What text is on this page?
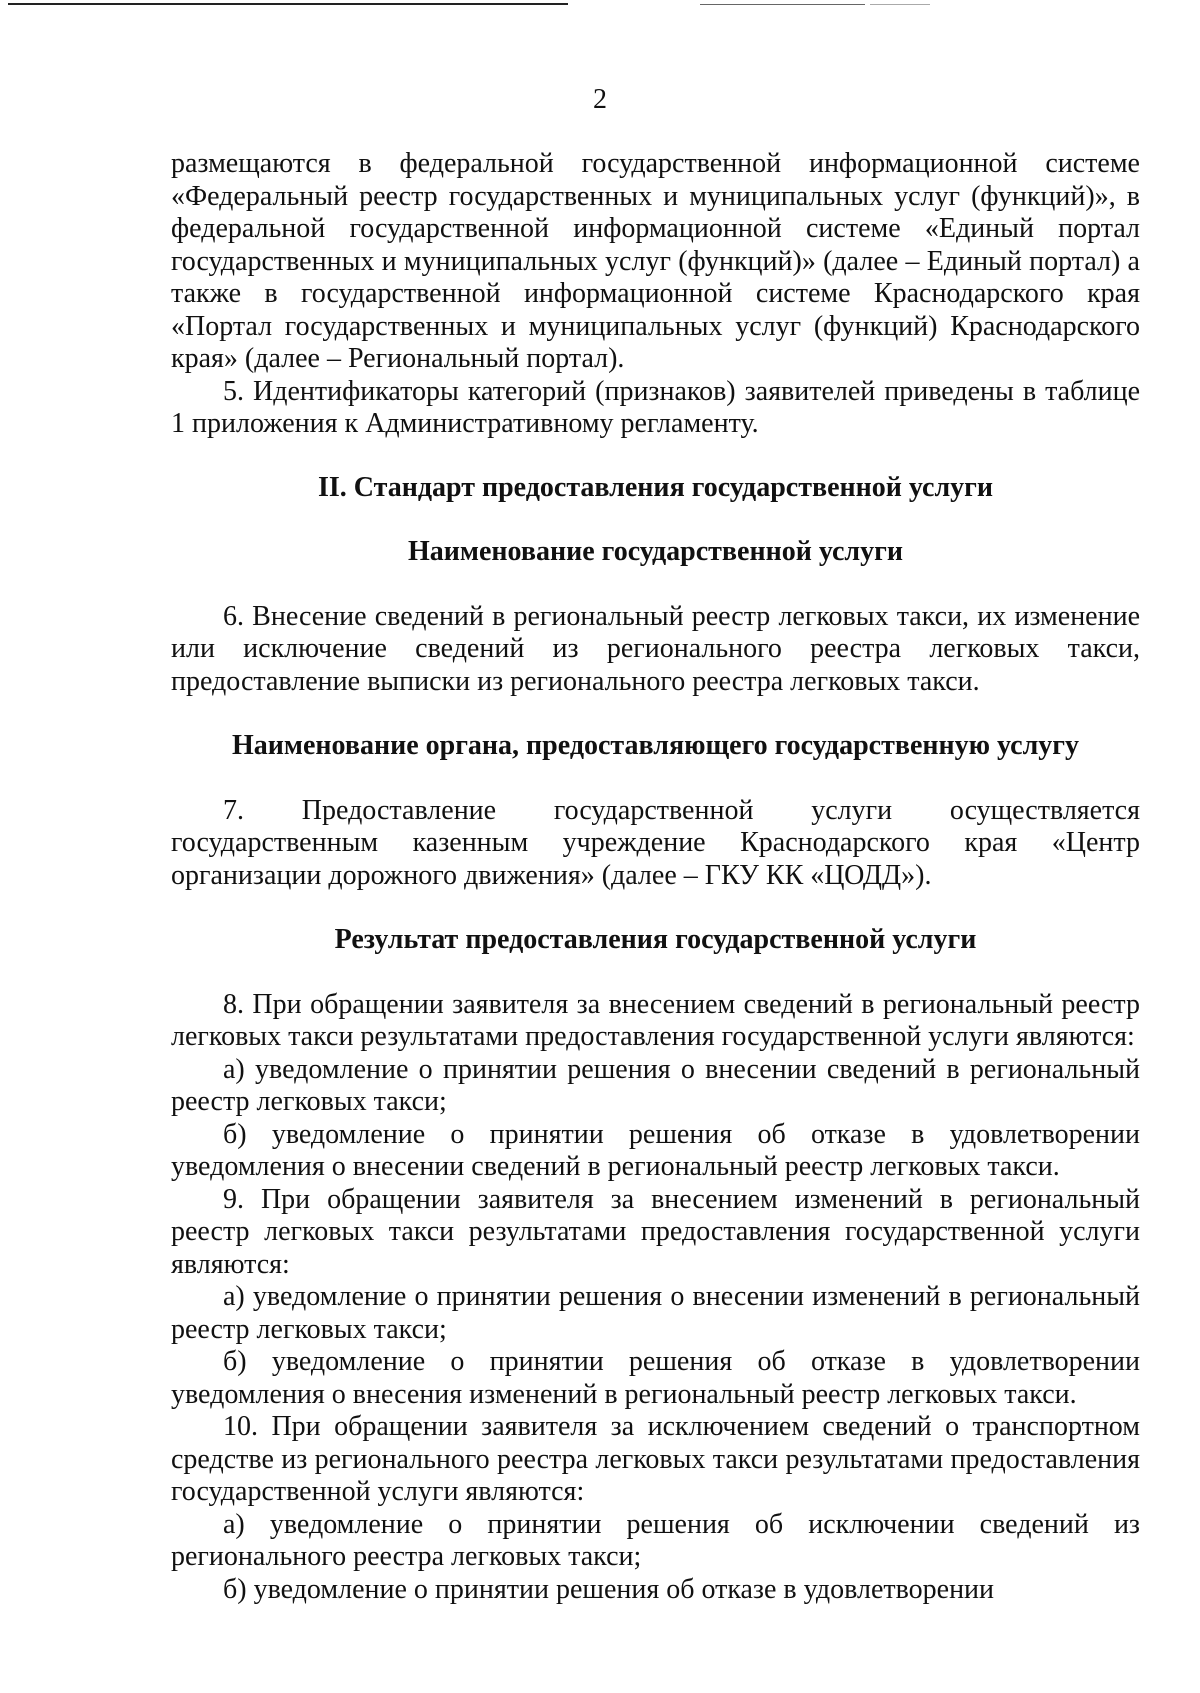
2

размещаются в федеральной государственной информационной системе «Федеральный реестр государственных и муниципальных услуг (функций)», в федеральной государственной информационной системе «Единый портал государственных и муниципальных услуг (функций)» (далее – Единый портал) а также в государственной информационной системе Краснодарского края «Портал государственных и муниципальных услуг (функций) Краснодарского края» (далее – Региональный портал).

5. Идентификаторы категорий (признаков) заявителей приведены в таблице 1 приложения к Административному регламенту.

II. Стандарт предоставления государственной услуги

Наименование государственной услуги

6. Внесение сведений в региональный реестр легковых такси, их изменение или исключение сведений из регионального реестра легковых такси, предоставление выписки из регионального реестра легковых такси.

Наименование органа, предоставляющего государственную услугу

7. Предоставление государственной услуги осуществляется государственным казенным учреждение Краснодарского края «Центр организации дорожного движения» (далее – ГКУ КК «ЦОДД»).

Результат предоставления государственной услуги

8. При обращении заявителя за внесением сведений в региональный реестр легковых такси результатами предоставления государственной услуги являются:

а) уведомление о принятии решения о внесении сведений в региональный реестр легковых такси;

б) уведомление о принятии решения об отказе в удовлетворении уведомления о внесении сведений в региональный реестр легковых такси.

9. При обращении заявителя за внесением изменений в региональный реестр легковых такси результатами предоставления государственной услуги являются:

а) уведомление о принятии решения о внесении изменений в региональный реестр легковых такси;

б) уведомление о принятии решения об отказе в удовлетворении уведомления о внесения изменений в региональный реестр легковых такси.

10. При обращении заявителя за исключением сведений о транспортном средстве из регионального реестра легковых такси результатами предоставления государственной услуги являются:

а) уведомление о принятии решения об исключении сведений из регионального реестра легковых такси;

б) уведомление о принятии решения об отказе в удовлетворении
